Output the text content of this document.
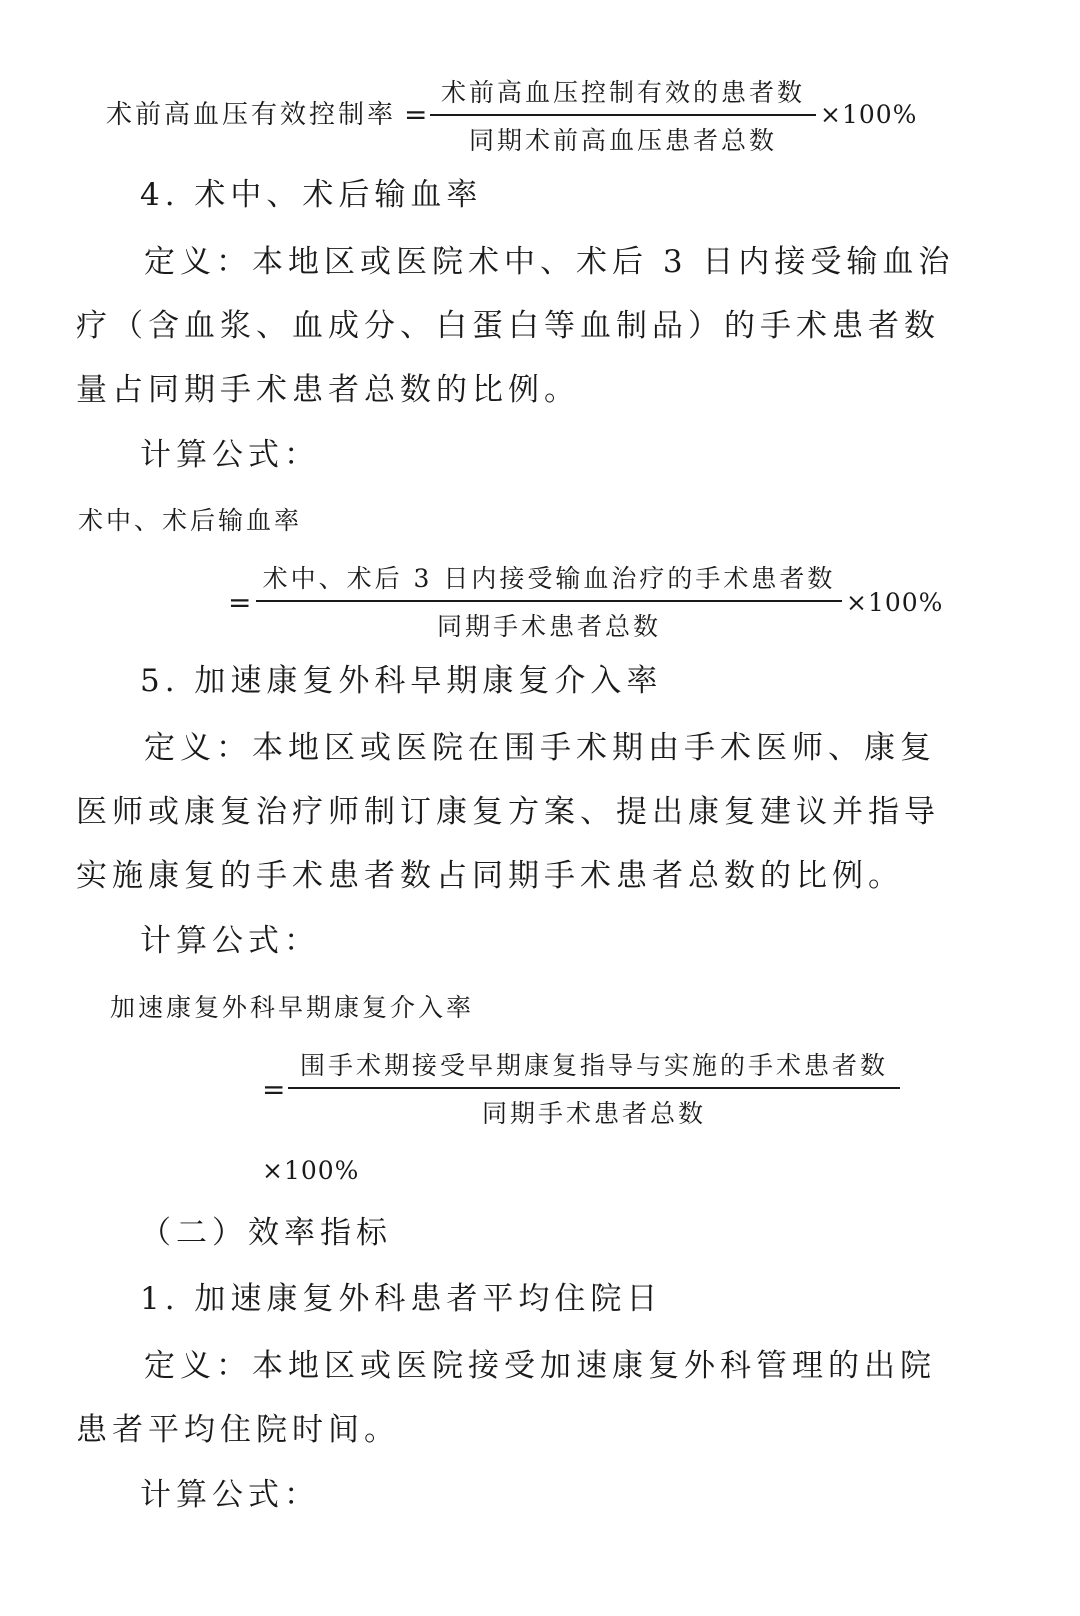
术前高血压有效控制率 =
术前高血压控制有效的患者数
同期术前高血压患者总数
×100%
4. 术中、术后输血率
定义：本地区或医院术中、术后 3 日内接受输血治疗（含血浆、血成分、白蛋白等血制品）的手术患者数量占同期手术患者总数的比例。
计算公式：
术中、术后输血率
=
术中、术后 3 日内接受输血治疗的手术患者数
同期手术患者总数
×100%
5. 加速康复外科早期康复介入率
定义：本地区或医院在围手术期由手术医师、康复医师或康复治疗师制订康复方案、提出康复建议并指导实施康复的手术患者数占同期手术患者总数的比例。
计算公式：
加速康复外科早期康复介入率
=
围手术期接受早期康复指导与实施的手术患者数
同期手术患者总数
×100%
（二）效率指标
1. 加速康复外科患者平均住院日
定义：本地区或医院接受加速康复外科管理的出院患者平均住院时间。
计算公式：
